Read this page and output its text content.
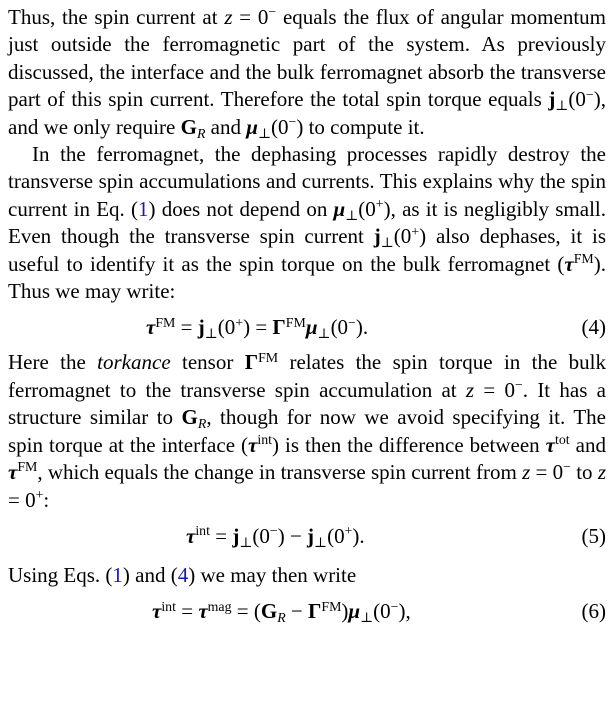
Thus, the spin current at z = 0− equals the flux of angular momentum just outside the ferromagnetic part of the system. As previously discussed, the interface and the bulk ferromagnet absorb the transverse part of this spin current. Therefore the total spin torque equals $j_\perp(0^-)$, and we only require $G_R$ and $\mu_\perp(0^-)$ to compute it.

In the ferromagnet, the dephasing processes rapidly destroy the transverse spin accumulations and currents. This explains why the spin current in Eq. (1) does not depend on $\mu_\perp(0^+)$, as it is negligibly small. Even though the transverse spin current $j_\perp(0^+)$ also dephases, it is useful to identify it as the spin torque on the bulk ferromagnet $(\tau^{FM})$. Thus we may write:

$\tau^{FM} = j_\perp(0^+) = \Gamma^{FM}\mu_\perp(0^-)$.	(4)

Here the torkance tensor $\Gamma^{FM}$ relates the spin torque in the bulk ferromagnet to the transverse spin accumulation at z = 0−. It has a structure similar to $G_R$, though for now we avoid specifying it. The spin torque at the interface $(\tau^{int})$ is then the difference between $\tau^{tot}$ and $\tau^{FM}$, which equals the change in transverse spin current from z = 0− to z = 0+:

$\tau^{int} = j_\perp(0^-) - j_\perp(0^+)$.	(5)

Using Eqs. (1) and (4) we may then write

$\tau^{int} = \tau^{mag} = (G_R - \Gamma^{FM})\mu_\perp(0^-)$,	(6)
